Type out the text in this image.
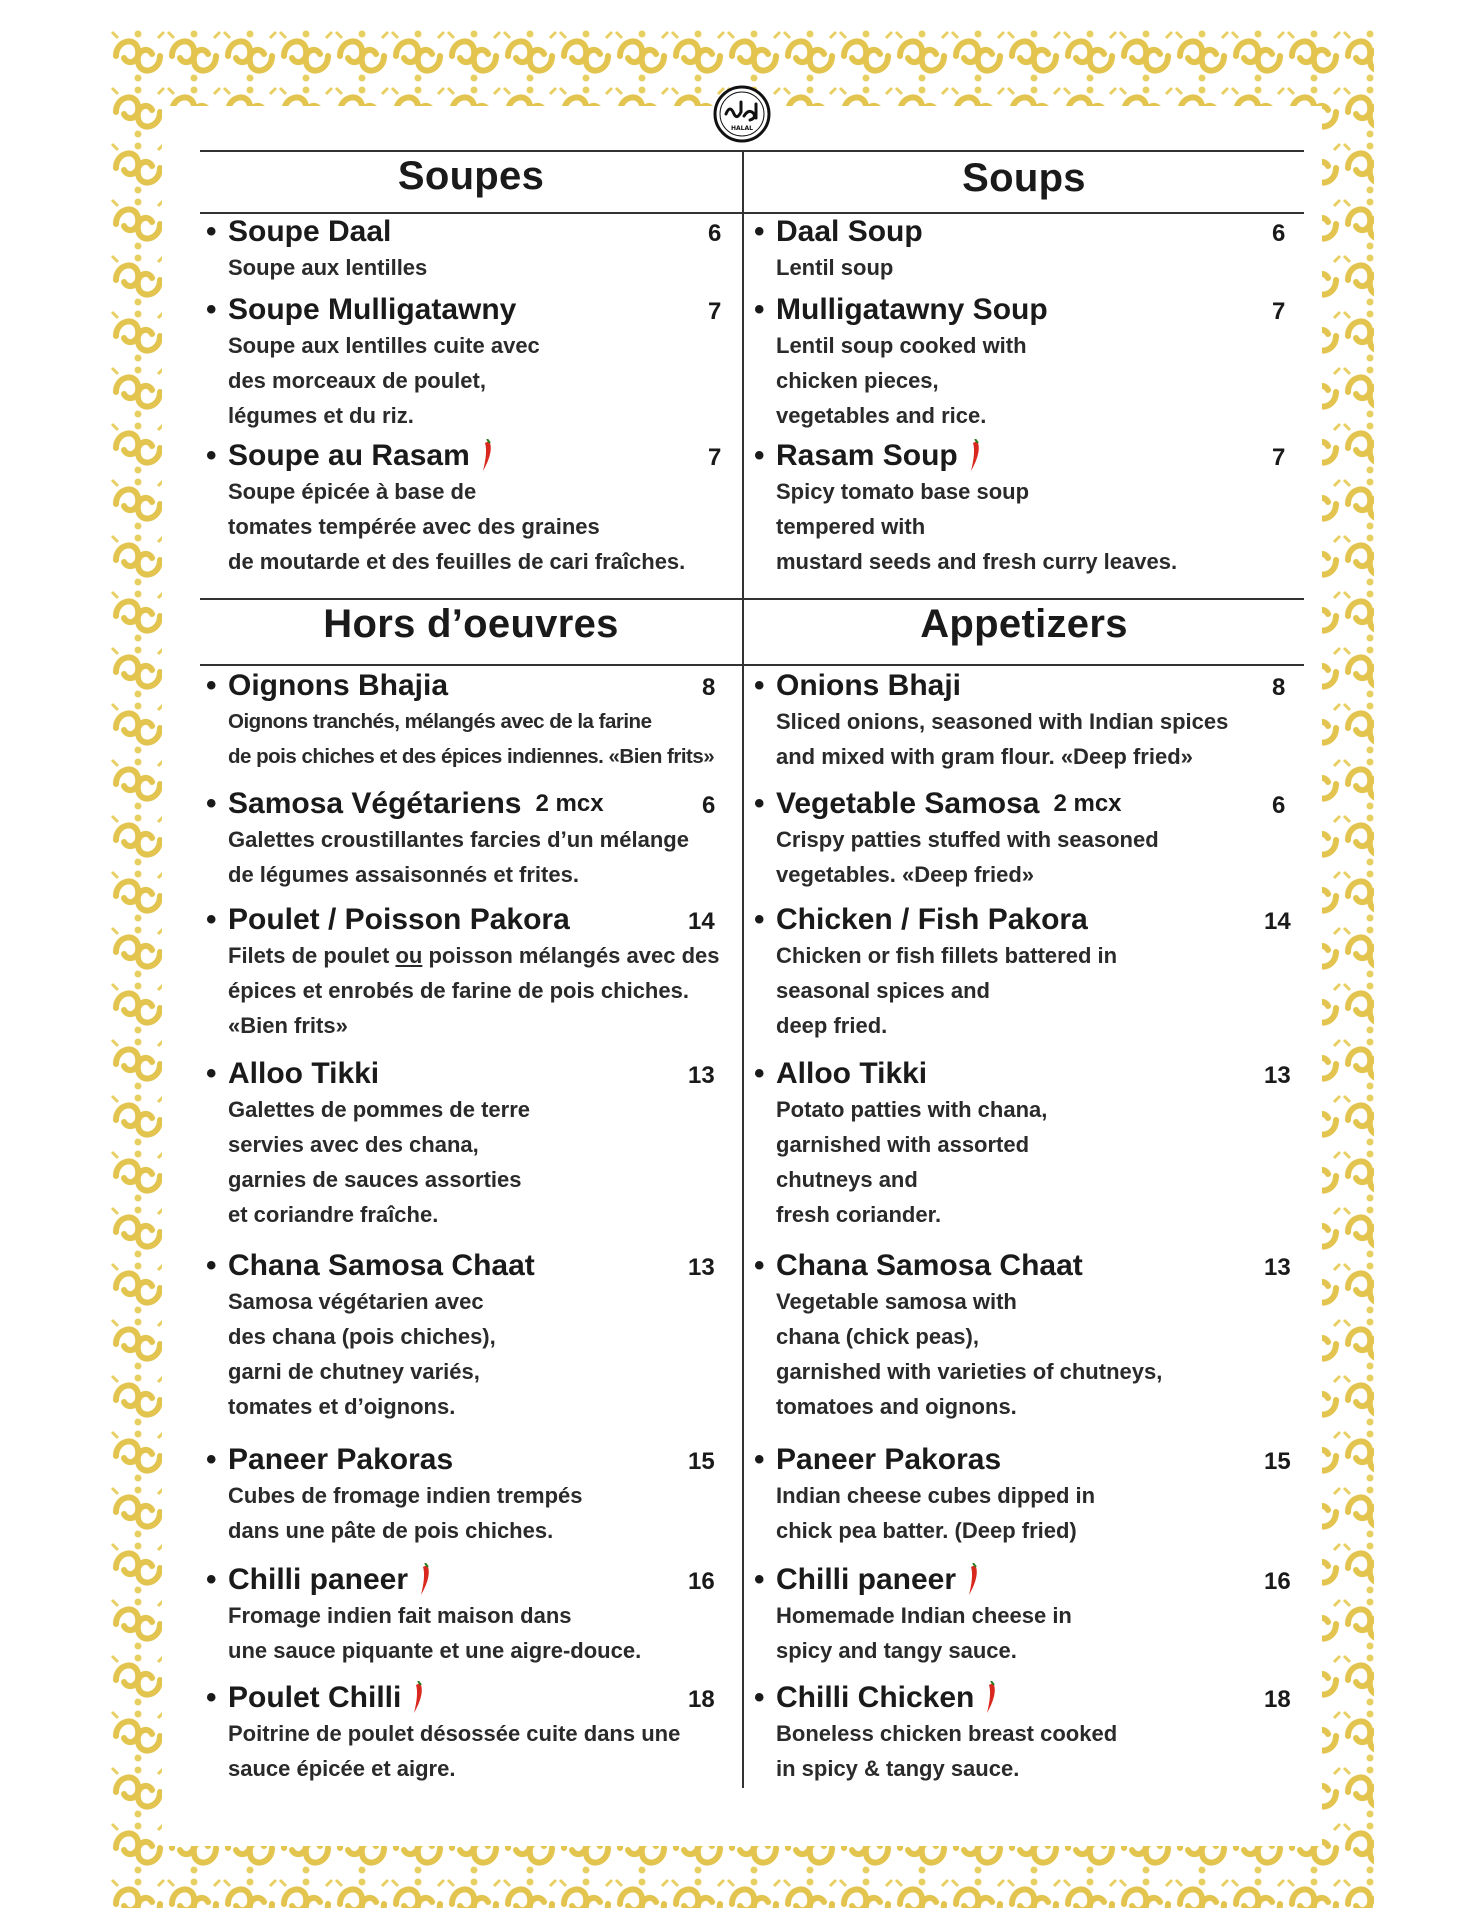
HALAL
Soupes	Soups
Hors d’oeuvres	Appetizers
• Soupe Daal	6
Soupe aux lentilles
• Soupe Mulligatawny	7
Soupe aux lentilles cuite avec
des morceaux de poulet,
légumes et du riz.
• Soupe au Rasam	7
Soupe épicée à base de
tomates tempérée avec des graines
de moutarde et des feuilles de cari fraîches.
• Daal Soup	6
Lentil soup
• Mulligatawny Soup	7
Lentil soup cooked with
chicken pieces,
vegetables and rice.
• Rasam Soup	7
Spicy tomato base soup
tempered with
mustard seeds and fresh curry leaves.
• Oignons Bhajia	8
Oignons tranchés, mélangés avec de la farine
de pois chiches et des épices indiennes. «Bien frits»
• Samosa Végétariens 2 mcx	6
Galettes croustillantes farcies d’un mélange
de légumes assaisonnés et frites.
• Poulet / Poisson Pakora	14
Filets de poulet ou poisson mélangés avec des
épices et enrobés de farine de pois chiches.
«Bien frits»
• Alloo Tikki	13
Galettes de pommes de terre
servies avec des chana,
garnies de sauces assorties
et coriandre fraîche.
• Chana Samosa Chaat	13
Samosa végétarien avec
des chana (pois chiches),
garni de chutney variés,
tomates et d’oignons.
• Paneer Pakoras	15
Cubes de fromage indien trempés
dans une pâte de pois chiches.
• Chilli paneer	16
Fromage indien fait maison dans
une sauce piquante et une aigre-douce.
• Poulet Chilli	18
Poitrine de poulet désossée cuite dans une
sauce épicée et aigre.
• Onions Bhaji	8
Sliced onions, seasoned with Indian spices
and mixed with gram flour. «Deep fried»
• Vegetable Samosa 2 mcx	6
Crispy patties stuffed with seasoned
vegetables. «Deep fried»
• Chicken / Fish Pakora	14
Chicken or fish fillets battered in
seasonal spices and
deep fried.
• Alloo Tikki	13
Potato patties with chana,
garnished with assorted
chutneys and
fresh coriander.
• Chana Samosa Chaat	13
Vegetable samosa with
chana (chick peas),
garnished with varieties of chutneys,
tomatoes and oignons.
• Paneer Pakoras	15
Indian cheese cubes dipped in
chick pea batter. (Deep fried)
• Chilli paneer	16
Homemade Indian cheese in
spicy and tangy sauce.
• Chilli Chicken	18
Boneless chicken breast cooked
in spicy & tangy sauce.
